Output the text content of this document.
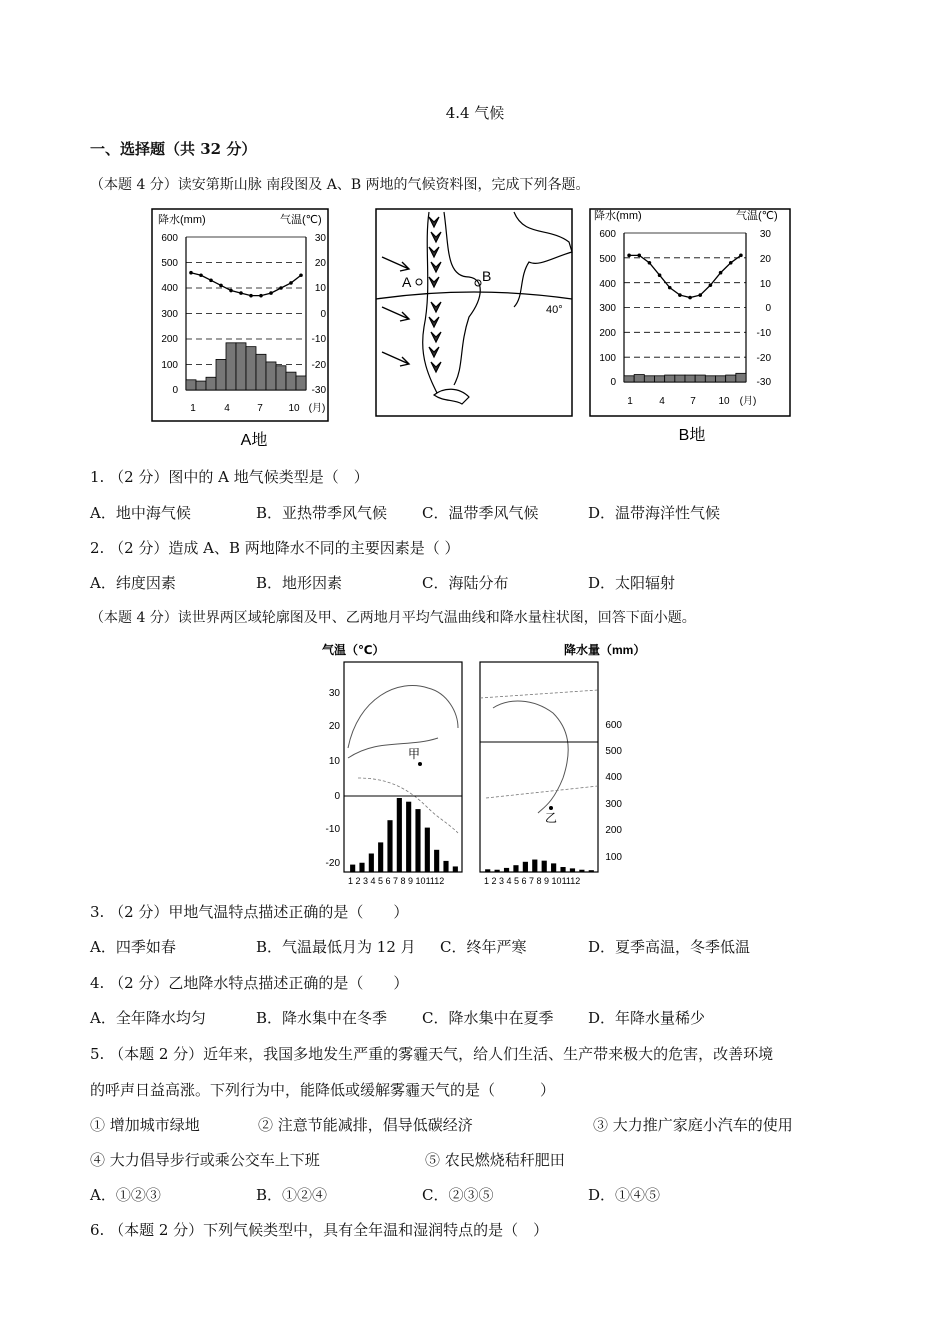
4.4 气候
一、选择题（共 32 分）
（本题 4 分）读安第斯山脉 南段图及 A、B 两地的气候资料图，完成下列各题。
降水(mm)	气温(℃)
600
500
400
300
200
100
0
30
20
10
0
-10
-20
-30
1	4	7	10 (月)
A地
A	B
40°
降水(mm)	气温(℃)
600
500
400
300
200
100
0
30
20
10
0
-10
-20
-30
1	4	7 10 (月)
B地
1. （2 分）图中的 A 地气候类型是（　）
A．地中海气候	B．亚热带季风气候 C．温带季风气候	D．温带海洋性气候
2. （2 分）造成 A、B 两地降水不同的主要因素是（ ）
A．纬度因素	B．地形因素	C．海陆分布	D．太阳辐射
（本题 4 分）读世界两区域轮廓图及甲、乙两地月平均气温曲线和降水量柱状图，回答下面小题。
气温（℃）	降水量（mm）
30
20
10
0
-10
-20
甲
1 2 3 4 5 6 7 8 9 101112
600
500
400
300
200
100
乙
1 2 3 4 5 6 7 8 9 101112
3. （2 分）甲地气温特点描述正确的是（　　）
A．四季如春	B．气温最低月为 12 月 C．终年严寒	D．夏季高温，冬季低温
4. （2 分）乙地降水特点描述正确的是（　　）
A．全年降水均匀	B．降水集中在冬季 C．降水集中在夏季 D．年降水量稀少
5. （本题 2 分）近年来，我国多地发生严重的雾霾天气，给人们生活、生产带来极大的危害，改善环境
的呼声日益高涨。下列行为中，能降低或缓解雾霾天气的是（　　　）
① 增加城市绿地	② 注意节能减排，倡导低碳经济	③ 大力推广家庭小汽车的使用
④ 大力倡导步行或乘公交车上下班	⑤ 农民燃烧秸秆肥田
A．①②③	B．①②④	C．②③⑤	D．①④⑤
6. （本题 2 分）下列气候类型中，具有全年温和湿润特点的是（　）
